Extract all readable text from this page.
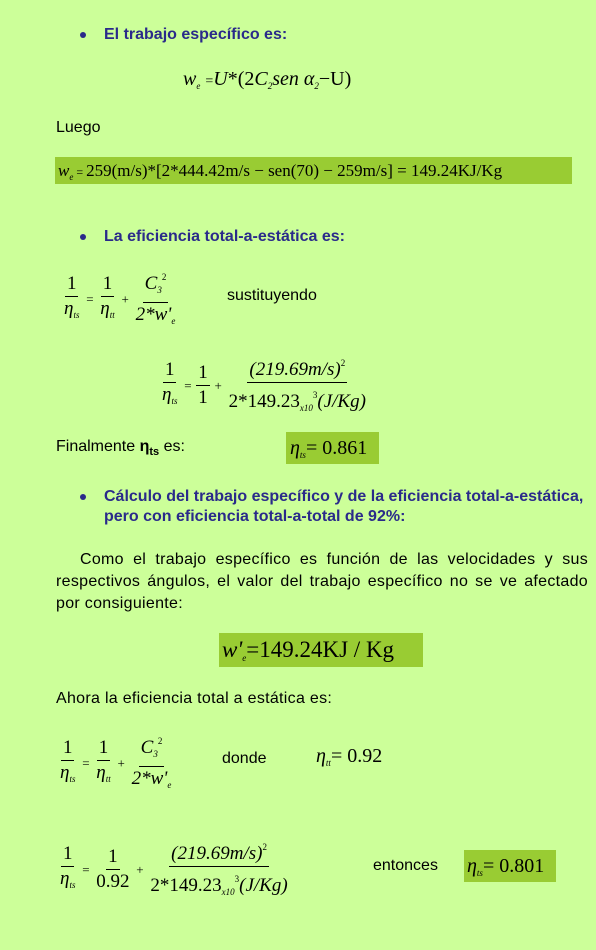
El trabajo específico es:
$w_e =U*(2C_2sen$ $\alpha_2-U$)
Luego
$w_e = 259(m/s)*[2*444.42m/s - sen(70) - 259m/s] = 149.24KJ/Kg$
La eficiencia total-a-estática es:
$\frac{1}{\eta_{ts}} = \frac{1}{\eta_{tt}} + \frac{C_3^2}{2*w'_e}$	sustituyendo
$\frac{1}{\eta_{ts}} = \frac{1}{1} + \frac{(219.69m/s)^2}{2*149.23_{x10}^3(J/Kg)}$
Finalmente $\eta_{ts}$ es:	$\eta_{ts}= 0.861$
Cálculo del trabajo específico y de la eficiencia total-a-estática, pero con eficiencia total-a-total de 92%:
Como el trabajo específico es función de las velocidades y sus respectivos ángulos, el valor del trabajo específico no se ve afectado por consiguiente:
$w'_e=149.24KJ / Kg$
Ahora la eficiencia total a estática es:
$\frac{1}{\eta_{ts}} = \frac{1}{\eta_{tt}} + \frac{C_3^2}{2*w'_e}$	donde $\eta_{tt}= 0.92$
$\frac{1}{\eta_{ts}} = \frac{1}{0.92} + \frac{(219.69m/s)^2}{2*149.23_{x10}^3(J/Kg)}$	entonces $\eta_{ts}= 0.801$
